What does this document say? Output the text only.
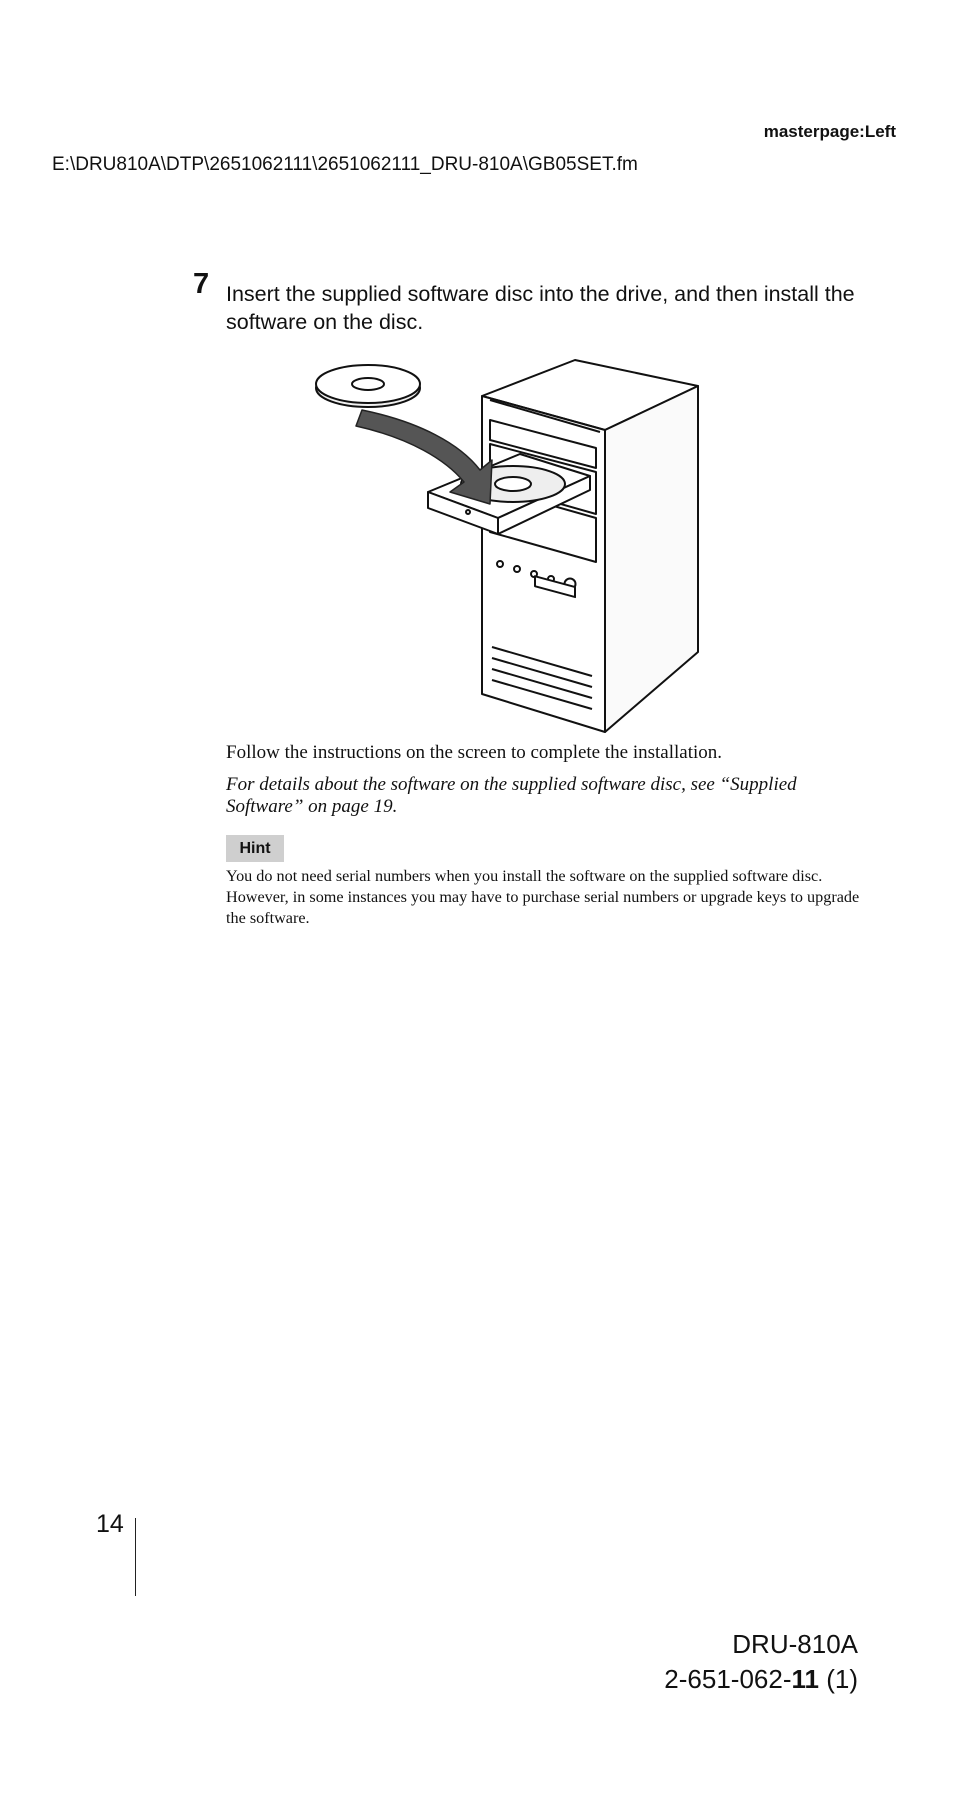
masterpage:Left
E:\DRU810A\DTP\2651062111\2651062111_DRU-810A\GB05SET.fm
7 Insert the supplied software disc into the drive, and then install the software on the disc.
Follow the instructions on the screen to complete the installation.
For details about the software on the supplied software disc, see “Supplied Software” on page 19.
Hint
You do not need serial numbers when you install the software on the supplied software disc. However, in some instances you may have to purchase serial numbers or upgrade keys to upgrade the software.
14
DRU-810A
2-651-062-11 (1)
